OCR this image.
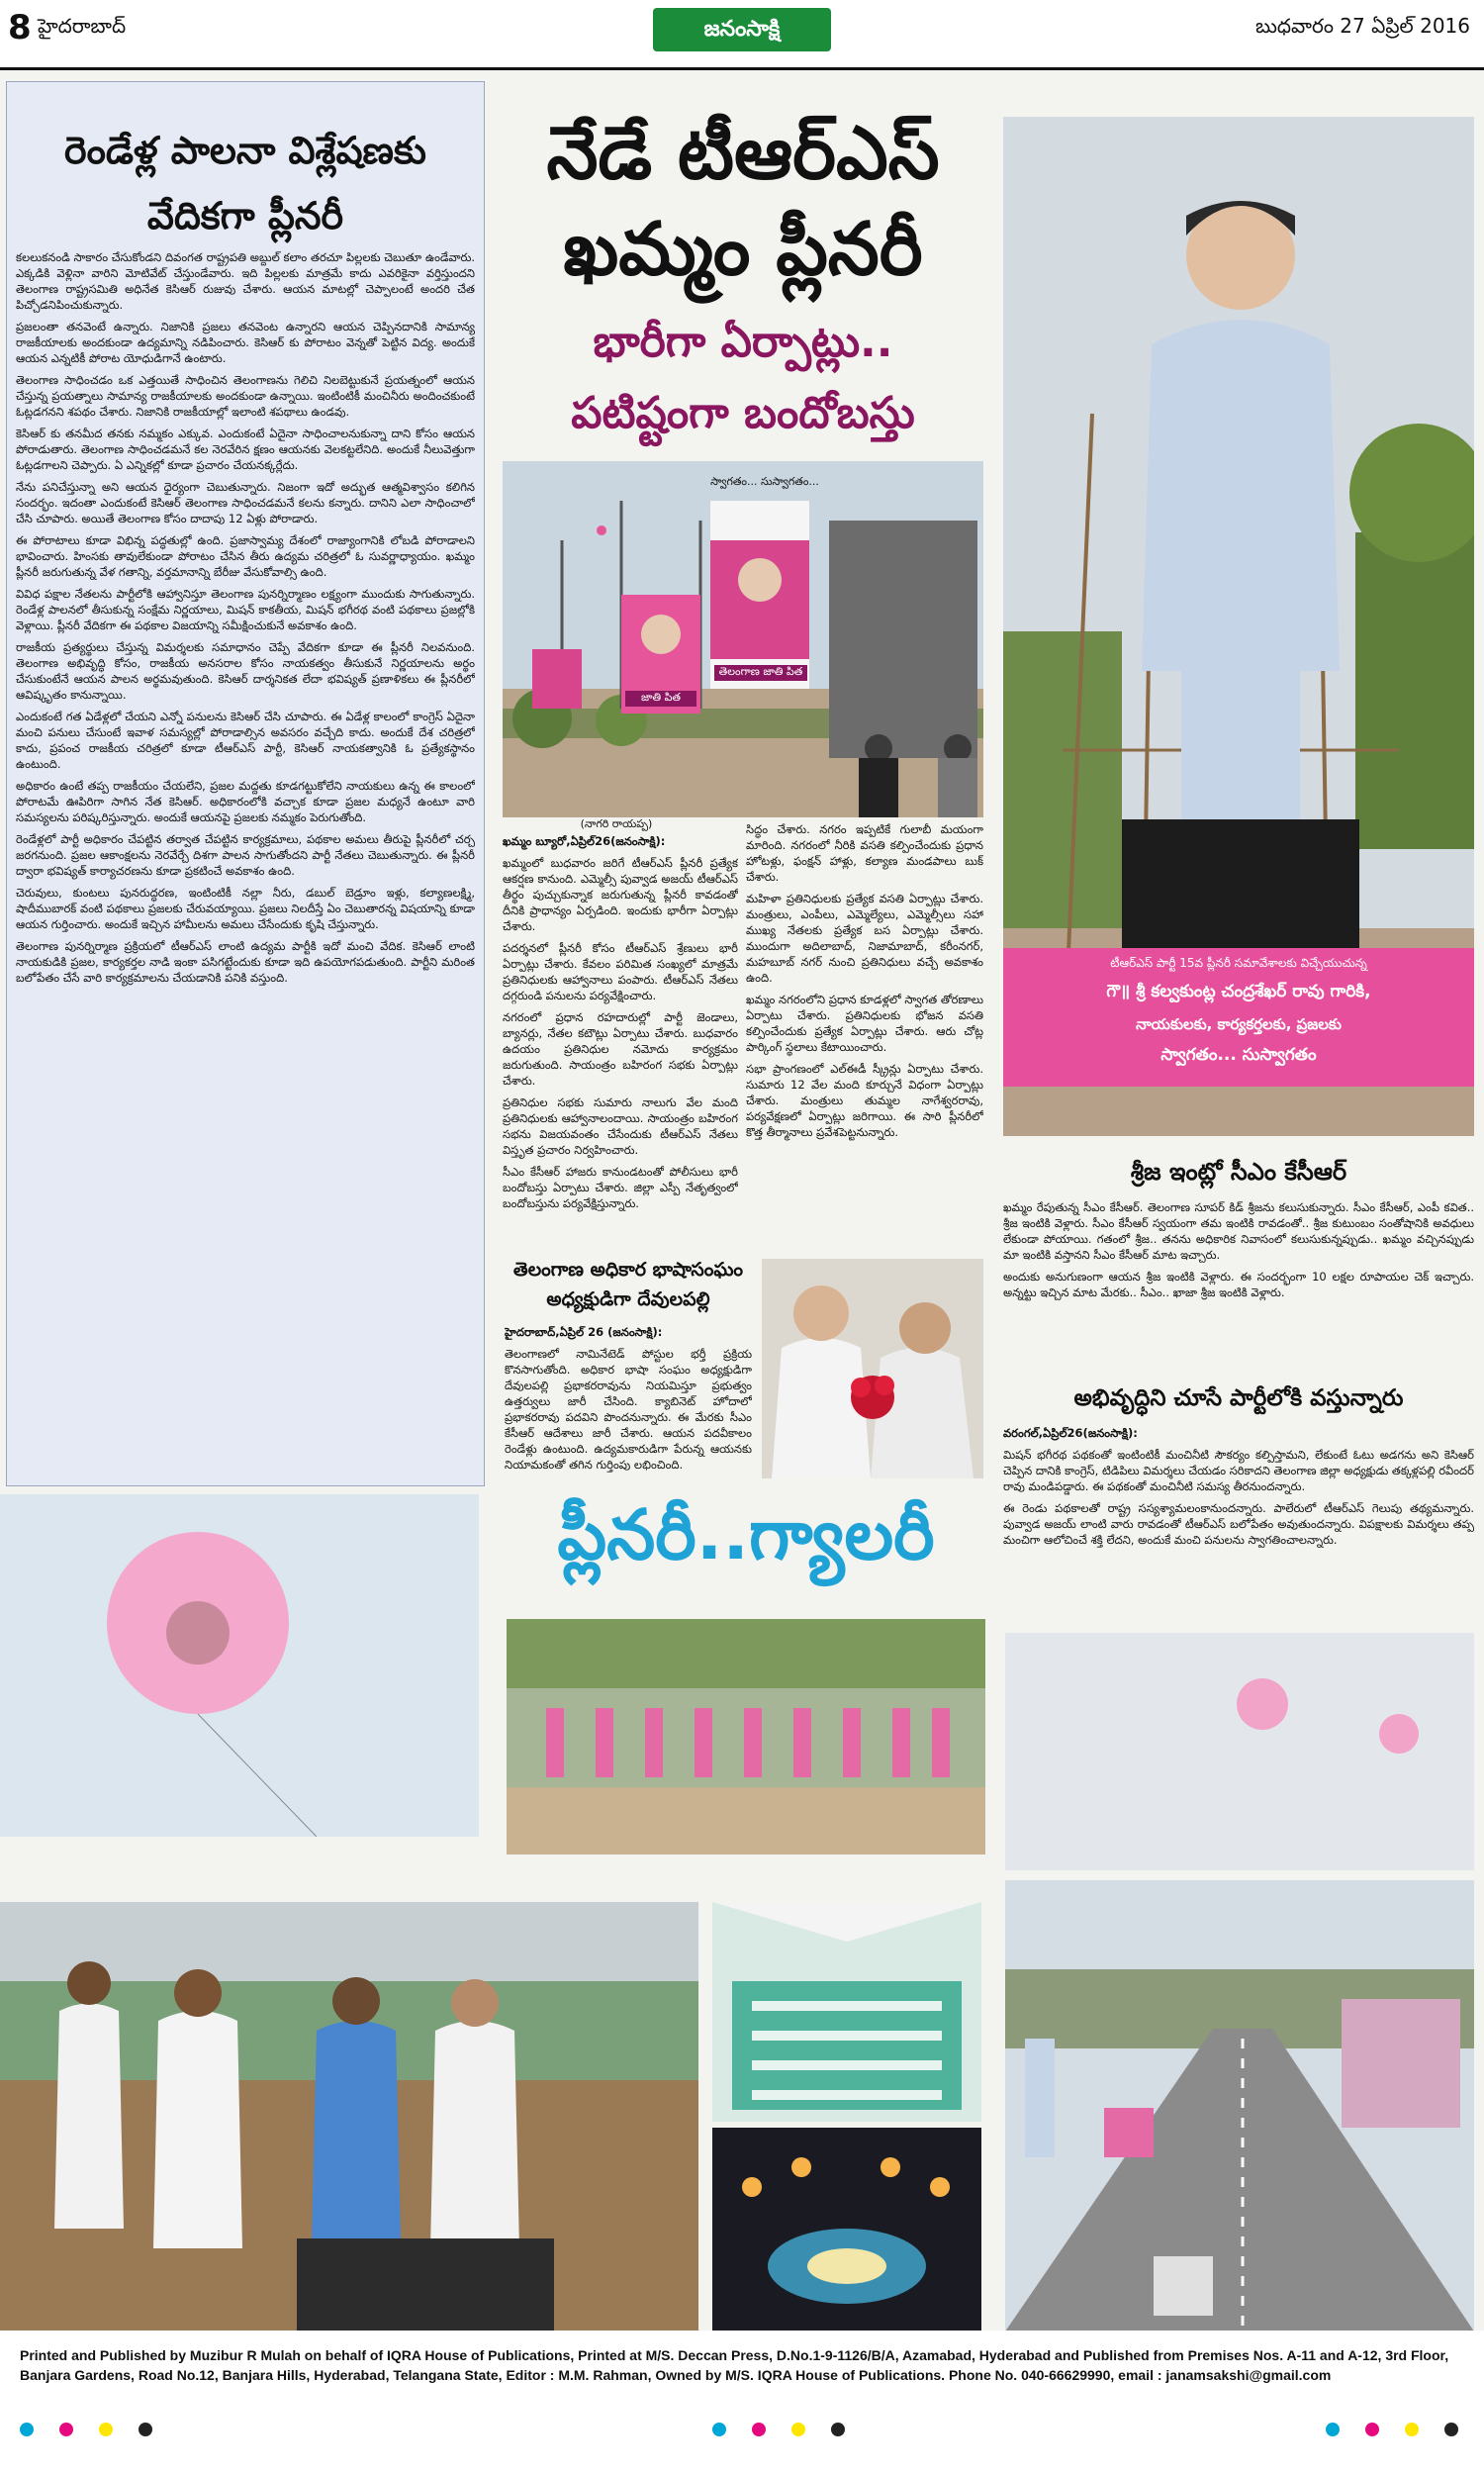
8 హైదరాబాద్	జనంసాక్షి	బుధవారం 27 ఏప్రిల్ 2016
రెండేళ్ల పాలనా విశ్లేషణకు
వేదికగా ప్లీనరీ

కలలుకనండి సాకారం చేసుకోండని దివంగత రాష్ట్రపతి అబ్దుల్ కలాం తరచూ పిల్లలకు చెబుతూ ఉండేవారు. ఎక్కడికి వెళ్లినా వారిని మోటివేట్ చేస్తుండేవారు. ఇది పిల్లలకు మాత్రమే కాదు ఎవరికైనా వర్తిస్తుందని తెలంగాణ రాష్ట్రసమితి అధినేత కెసిఆర్ రుజువు చేశారు. ఆయన మాటల్లో చెప్పాలంటే అందరి చేత పిచ్చోడనిపించుకున్నారు.

ప్రజలంతా తనవెంటే ఉన్నారు. నిజానికి ప్రజలు తనవెంట ఉన్నారని ఆయన చెప్పినదానికి సామాన్య రాజకీయాలకు అందకుండా ఉద్యమాన్ని నడిపించారు. కెసిఆర్ కు పోరాటం వెన్నతో పెట్టిన విద్య. అందుకే ఆయన ఎన్నటికీ పోరాట యోధుడిగానే ఉంటారు.

తెలంగాణ సాధించడం ఒక ఎత్తయితే సాధించిన తెలంగాణను గెలిచి నిలబెట్టుకునే ప్రయత్నంలో ఆయన చేస్తున్న ప్రయత్నాలు సామాన్య రాజకీయాలకు అందకుండా ఉన్నాయి. ఇంటింటికీ మంచినీరు అందించకుంటే ఓట్లడగనని శపథం చేశారు. నిజానికి రాజకీయాల్లో ఇలాంటి శపథాలు ఉండవు.

కెసిఆర్ కు తనమీద తనకు నమ్మకం ఎక్కువ. ఎందుకంటే ఏదైనా సాధించాలనుకున్నా దాని కోసం ఆయన పోరాడుతారు. తెలంగాణ సాధించడమనే కల నెరవేరిన క్షణం ఆయనకు వెలకట్టలేనిది. అందుకే నీలువెత్తుగా ఓట్లడగాలని చెప్పారు. ఏ ఎన్నికల్లో కూడా ప్రచారం చేయనక్కర్లేదు.

నేను పనిచేస్తున్నా అని ఆయన ధైర్యంగా చెబుతున్నారు. నిజంగా ఇదో అద్భుత ఆత్మవిశ్వాసం కలిగిన సందర్భం. ఇదంతా ఎందుకంటే కెసిఆర్ తెలంగాణ సాధించడమనే కలను కన్నారు. దానిని ఎలా సాధించాలో చేసి చూపారు. అయితే తెలంగాణ కోసం దాదాపు 12 ఏళ్లు పోరాడారు.

ఈ పోరాటాలు కూడా విభిన్న పద్ధతుల్లో ఉంది. ప్రజాస్వామ్య దేశంలో రాజ్యాంగానికి లోబడి పోరాడాలని భావించారు. హింసకు తావులేకుండా పోరాటం చేసిన తీరు ఉద్యమ చరిత్రలో ఓ సువర్ణాధ్యాయం. ఖమ్మం ప్లీనరీ జరుగుతున్న వేళ గతాన్ని, వర్తమానాన్ని బేరీజు వేసుకోవాల్సి ఉంది.

వివిధ పక్షాల నేతలను పార్టీలోకి ఆహ్వానిస్తూ తెలంగాణ పునర్నిర్మాణం లక్ష్యంగా ముందుకు సాగుతున్నారు. రెండేళ్ల పాలనలో తీసుకున్న సంక్షేమ నిర్ణయాలు, మిషన్ కాకతీయ, మిషన్ భగీరథ వంటి పథకాలు ప్రజల్లోకి వెళ్లాయి. ప్లీనరీ వేదికగా ఈ పథకాల విజయాన్ని సమీక్షించుకునే అవకాశం ఉంది.

రాజకీయ ప్రత్యర్థులు చేస్తున్న విమర్శలకు సమాధానం చెప్పే వేదికగా కూడా ఈ ప్లీనరీ నిలవనుంది. తెలంగాణ అభివృద్ధి కోసం, రాజకీయ అనసరాల కోసం నాయకత్వం తీసుకునే నిర్ణయాలను అర్థం చేసుకుంటేనే ఆయన పాలన అర్థమవుతుంది. కెసిఆర్ దార్శనికత లేదా భవిష్యత్ ప్రణాళికలు ఈ ప్లీనరీలో ఆవిష్కృతం కానున్నాయి.

ఎందుకంటే గత ఏడేళ్లలో చేయని ఎన్నో పనులను కెసిఆర్ చేసి చూపారు. ఈ ఏడేళ్ల కాలంలో కాంగ్రెస్ ఏదైనా మంచి పనులు చేసుంటే ఇవాళ సమస్యల్లో పోరాడాల్సిన అవసరం వచ్చేది కాదు. అందుకే దేశ చరిత్రలో కాదు, ప్రపంచ రాజకీయ చరిత్రలో కూడా టీఆర్ఎస్ పార్టీ, కెసిఆర్ నాయకత్వానికి ఓ ప్రత్యేకస్థానం ఉంటుంది.

అధికారం ఉంటే తప్ప రాజకీయం చేయలేని, ప్రజల మద్దతు కూడగట్టుకోలేని నాయకులు ఉన్న ఈ కాలంలో పోరాటమే ఊపిరిగా సాగిన నేత కెసిఆర్. అధికారంలోకి వచ్చాక కూడా ప్రజల మధ్యనే ఉంటూ వారి సమస్యలను పరిష్కరిస్తున్నారు. అందుకే ఆయనపై ప్రజలకు నమ్మకం పెరుగుతోంది.

రెండేళ్లలో పార్టీ అధికారం చేపట్టిన తర్వాత చేపట్టిన కార్యక్రమాలు, పథకాల అమలు తీరుపై ప్లీనరీలో చర్చ జరగనుంది. ప్రజల ఆకాంక్షలను నెరవేర్చే దిశగా పాలన సాగుతోందని పార్టీ నేతలు చెబుతున్నారు. ఈ ప్లీనరీ ద్వారా భవిష్యత్ కార్యాచరణను కూడా ప్రకటించే అవకాశం ఉంది.

చెరువులు, కుంటలు పునరుద్ధరణ, ఇంటింటికీ నల్లా నీరు, డబుల్ బెడ్రూం ఇళ్లు, కల్యాణలక్ష్మి, షాదీముబారక్ వంటి పథకాలు ప్రజలకు చేరువయ్యాయి. ప్రజలు నిలదీస్తే ఏం చెబుతారన్న విషయాన్ని కూడా ఆయన గుర్తించారు. అందుకే ఇచ్చిన హామీలను అమలు చేసేందుకు కృషి చేస్తున్నారు.

తెలంగాణ పునర్నిర్మాణ ప్రక్రియలో టీఆర్ఎస్ లాంటి ఉద్యమ పార్టీకి ఇదో మంచి వేదిక. కెసిఆర్ లాంటి నాయకుడికి ప్రజల, కార్యకర్తల నాడి ఇంకా పసిగట్టేందుకు కూడా ఇది ఉపయోగపడుతుంది. పార్టీని మరింత బలోపేతం చేసే వారి కార్యక్రమాలను చేయడానికి పనికి వస్తుంది.

నేడే టీఆర్ఎస్
ఖమ్మం ప్లీనరీ
భారీగా ఏర్పాట్లు..
పటిష్టంగా బందోబస్తు
స్వాగతం... సుస్వాగతం...
తెలంగాణ జాతి పిత
జాతి పిత
(నాగరి రాయప్ప)

ఖమ్మం బ్యూరో,ఏప్రిల్26(జనంసాక్షి):

ఖమ్మంలో బుధవారం జరిగే టీఆర్ఎస్ ప్లీనరీ ప్రత్యేక ఆకర్షణ కానుంది. ఎమ్మెల్సీ పువ్వాడ అజయ్ టీఆర్ఎస్ తీర్థం పుచ్చుకున్నాక జరుగుతున్న ప్లీనరీ కావడంతో దీనికి ప్రాధాన్యం ఏర్పడింది. ఇందుకు భారీగా ఏర్పాట్లు చేశారు.

పదర్శనలో ప్లీనరీ కోసం టీఆర్ఎస్ శ్రేణులు భారీ ఏర్పాట్లు చేశారు. కేవలం పరిమిత సంఖ్యలో మాత్రమే ప్రతినిధులకు ఆహ్వానాలు పంపారు. టీఆర్ఎస్ నేతలు దగ్గరుండి పనులను పర్యవేక్షించారు.

నగరంలో ప్రధాన రహదారుల్లో పార్టీ జెండాలు, బ్యానర్లు, నేతల కటౌట్లు ఏర్పాటు చేశారు. బుధవారం ఉదయం ప్రతినిధుల నమోదు కార్యక్రమం జరుగుతుంది. సాయంత్రం బహిరంగ సభకు ఏర్పాట్లు చేశారు.

ప్రతినిధుల సభకు సుమారు నాలుగు వేల మంది ప్రతినిధులకు ఆహ్వానాలందాయి. సాయంత్రం బహిరంగ సభను విజయవంతం చేసేందుకు టీఆర్ఎస్ నేతలు విస్తృత ప్రచారం నిర్వహించారు.

సీఎం కేసీఆర్ హాజరు కానుండటంతో పోలీసులు భారీ బందోబస్తు ఏర్పాటు చేశారు. జిల్లా ఎస్పీ నేతృత్వంలో బందోబస్తును పర్యవేక్షిస్తున్నారు.

సిద్ధం చేశారు. నగరం ఇప్పటికే గులాబీ మయంగా మారింది. నగరంలో నీరికి వసతి కల్పించేందుకు ప్రధాన హోటళ్లు, ఫంక్షన్ హాళ్లు, కల్యాణ మండపాలు బుక్ చేశారు.

మహిళా ప్రతినిధులకు ప్రత్యేక వసతి ఏర్పాట్లు చేశారు. మంత్రులు, ఎంపీలు, ఎమ్మెల్యేలు, ఎమ్మెల్సీలు సహా ముఖ్య నేతలకు ప్రత్యేక బస ఏర్పాట్లు చేశారు. ముందుగా అదిలాబాద్, నిజామాబాద్, కరీంనగర్, మహబూబ్ నగర్ నుంచి ప్రతినిధులు వచ్చే అవకాశం ఉంది.

ఖమ్మం నగరంలోని ప్రధాన కూడళ్లలో స్వాగత తోరణాలు ఏర్పాటు చేశారు. ప్రతినిధులకు భోజన వసతి కల్పించేందుకు ప్రత్యేక ఏర్పాట్లు చేశారు. ఆరు చోట్ల పార్కింగ్ స్థలాలు కేటాయించారు.

సభా ప్రాంగణంలో ఎల్ఈడీ స్క్రీన్లు ఏర్పాటు చేశారు. సుమారు 12 వేల మంది కూర్చునే విధంగా ఏర్పాట్లు చేశారు. మంత్రులు తుమ్మల నాగేశ్వరరావు, పర్యవేక్షణలో ఏర్పాట్లు జరిగాయి. ఈ సారి ప్లీనరీలో కొత్త తీర్మానాలు ప్రవేశపెట్టనున్నారు.

టీఆర్ఎస్ పార్టీ 15వ ప్లీనరీ సమావేశాలకు విచ్చేయుచున్న
గౌ॥ శ్రీ కల్వకుంట్ల చంద్రశేఖర్ రావు గారికి,
నాయకులకు, కార్యకర్తలకు, ప్రజలకు
స్వాగతం... సుస్వాగతం
శ్రీజ ఇంట్లో సీఎం కేసీఆర్

ఖమ్మం రేపుతున్న సీఎం కేసీఆర్. తెలంగాణ సూపర్ కిడ్ శ్రీజను కలుసుకున్నారు. సీఎం కేసీఆర్, ఎంపీ కవిత.. శ్రీజ ఇంటికి వెళ్లారు. సీఎం కేసీఆర్ స్వయంగా తమ ఇంటికి రావడంతో.. శ్రీజ కుటుంబం సంతోషానికి అవధులు లేకుండా పోయాయి. గతంలో శ్రీజ.. తనను అధికారిక నివాసంలో కలుసుకున్నప్పుడు.. ఖమ్మం వచ్చినప్పుడు మా ఇంటికి వస్తానని సీఎం కేసీఆర్ మాట ఇచ్చారు.

అందుకు అనుగుణంగా ఆయన శ్రీజ ఇంటికి వెళ్లారు. ఈ సందర్భంగా 10 లక్షల రూపాయల చెక్ ఇచ్చారు. అన్నట్టు ఇచ్చిన మాట మేరకు.. సీఎం.. ఖాజా శ్రీజ ఇంటికి వెళ్లారు.

అభివృద్ధిని చూసే పార్టీలోకి వస్తున్నారు

వరంగల్,ఏప్రిల్26(జనంసాక్షి):

మిషన్ భగీరథ పథకంతో ఇంటింటికీ మంచినీటి సౌకర్యం కల్పిస్తామని, లేకుంటే ఓటు అడగను అని కెసిఆర్ చెప్పిన దానికి కాంగ్రెస్, టిడిపిలు విమర్శలు చేయడం సరికాదని తెలంగాణ జిల్లా అధ్యక్షుడు తక్కళ్లపల్లి రవీందర్ రావు మండిపడ్డారు. ఈ పథకంతో మంచినీటి సమస్య తీరనుందన్నారు.

ఈ రెండు పథకాలతో రాష్ట్ర సస్యశ్యామలంకానుందన్నారు. పాలేరులో టీఆర్ఎస్ గెలుపు తథ్యమన్నారు. పువ్వాడ అజయ్ లాంటి వారు రావడంతో టీఆర్ఎస్ బలోపేతం అవుతుందన్నారు. విపక్షాలకు విమర్శలు తప్ప మంచిగా ఆలోచించే శక్తి లేదని, అందుకే మంచి పనులను స్వాగతించాలన్నారు.

తెలంగాణ అధికార భాషాసంఘం
అధ్యక్షుడిగా దేవులపల్లి

హైదరాబాద్,ఏప్రిల్ 26 (జనంసాక్షి):

తెలంగాణలో నామినేటెడ్ పోస్టుల భర్తీ ప్రక్రియ కొనసాగుతోంది. అధికార భాషా సంఘం అధ్యక్షుడిగా దేవులపల్లి ప్రభాకరరావును నియమిస్తూ ప్రభుత్వం ఉత్తర్వులు జారీ చేసింది. క్యాబినెట్ హోదాలో ప్రభాకరరావు పదవిని పొందనున్నారు. ఈ మేరకు సీఎం కేసీఆర్ ఆదేశాలు జారీ చేశారు. ఆయన పదవీకాలం రెండేళ్లు ఉంటుంది. ఉద్యమకారుడిగా పేరున్న ఆయనకు నియామకంతో తగిన గుర్తింపు లభించింది.

ప్లీనరీ..గ్యాలరీ
Printed and Published by Muzibur R Mulah on behalf of IQRA House of Publications, Printed at M/S. Deccan Press, D.No.1-9-1126/B/A, Azamabad, Hyderabad and Published from Premises Nos. A-11 and A-12, 3rd Floor, Banjara Gardens, Road No.12, Banjara Hills, Hyderabad, Telangana State, Editor : M.M. Rahman, Owned by M/S. IQRA House of Publications. Phone No. 040-66629990, email : janamsakshi@gmail.com
